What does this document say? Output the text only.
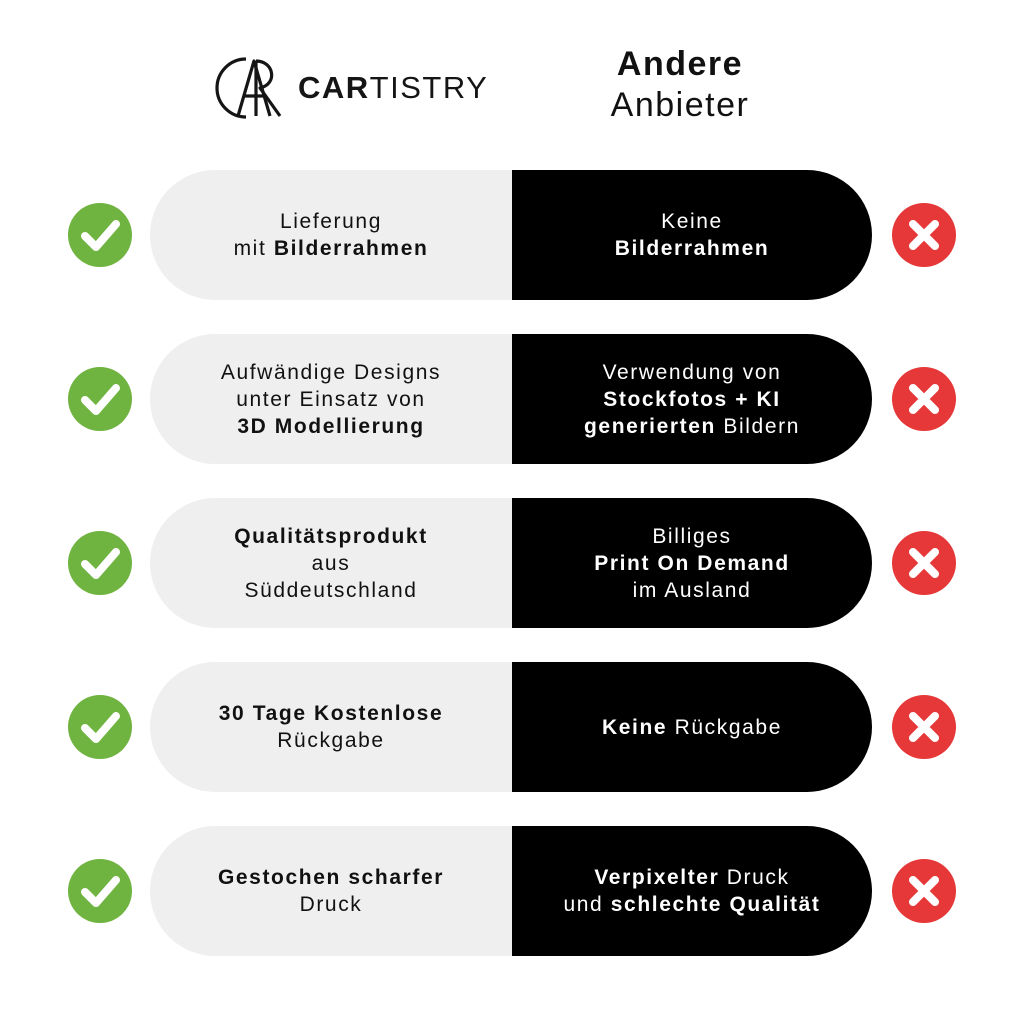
CARTISTRY
Andere
Anbieter
Lieferung
mit Bilderrahmen
Keine
Bilderrahmen
Aufwändige Designs
unter Einsatz von
3D Modellierung
Verwendung von
Stockfotos + KI
generierten Bildern
Qualitätsprodukt
aus
Süddeutschland
Billiges
Print On Demand
im Ausland
30 Tage Kostenlose
Rückgabe
Keine Rückgabe
Gestochen scharfer
Druck
Verpixelter Druck
und schlechte Qualität
